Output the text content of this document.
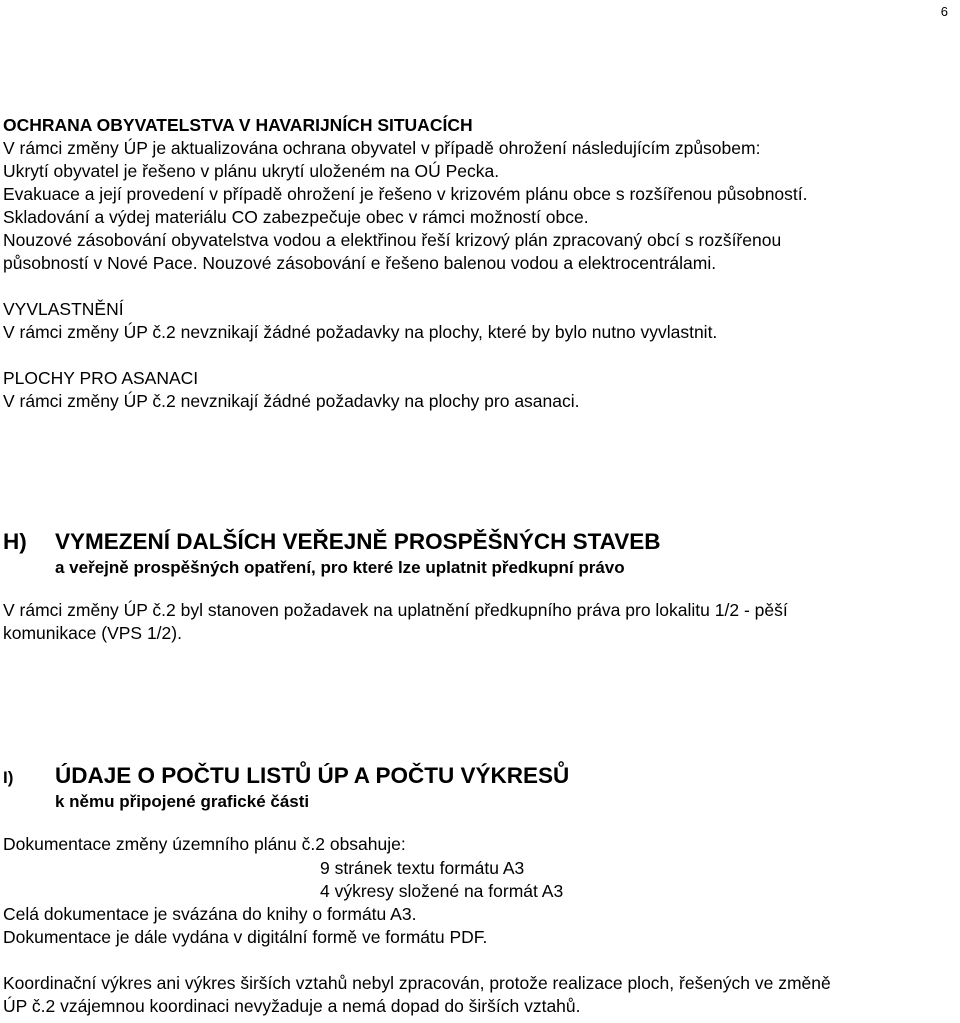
6
OCHRANA OBYVATELSTVA V HAVARIJNÍCH SITUACÍCH
V rámci změny ÚP je aktualizována ochrana obyvatel v případě ohrožení následujícím způsobem:
Ukrytí obyvatel je řešeno v plánu ukrytí uloženém na OÚ Pecka.
Evakuace a její provedení v případě ohrožení je řešeno v krizovém plánu obce s rozšířenou působností.
Skladování a výdej materiálu CO zabezpečuje obec v rámci možností obce.
Nouzové zásobování obyvatelstva vodou a elektřinou řeší krizový plán zpracovaný obcí s rozšířenou
působností v Nové Pace. Nouzové zásobování e řešeno balenou vodou a elektrocentrálami.
VYVLASTNĚNÍ
V rámci změny ÚP č.2 nevznikají žádné požadavky na plochy, které by bylo nutno vyvlastnit.
PLOCHY PRO ASANACI
V rámci změny ÚP č.2 nevznikají žádné požadavky na plochy pro asanaci.
H) VYMEZENÍ DALŠÍCH VEŘEJNĚ PROSPĚŠNÝCH STAVEB
a veřejně prospěšných opatření, pro které lze uplatnit předkupní právo
V rámci změny ÚP č.2 byl stanoven požadavek na uplatnění předkupního práva pro lokalitu 1/2 - pěší
komunikace (VPS 1/2).
I) ÚDAJE O POČTU LISTŮ ÚP A POČTU VÝKRESŮ
k němu připojené grafické části
Dokumentace změny územního plánu č.2 obsahuje:
9 stránek textu formátu A3
4 výkresy složené na formát A3
Celá dokumentace je svázána do knihy o formátu A3.
Dokumentace je dále vydána v digitální formě ve formátu PDF.
Koordinační výkres ani výkres širších vztahů nebyl zpracován, protože realizace ploch, řešených ve změně
ÚP č.2 vzájemnou koordinaci nevyžaduje a nemá dopad do širších vztahů.
